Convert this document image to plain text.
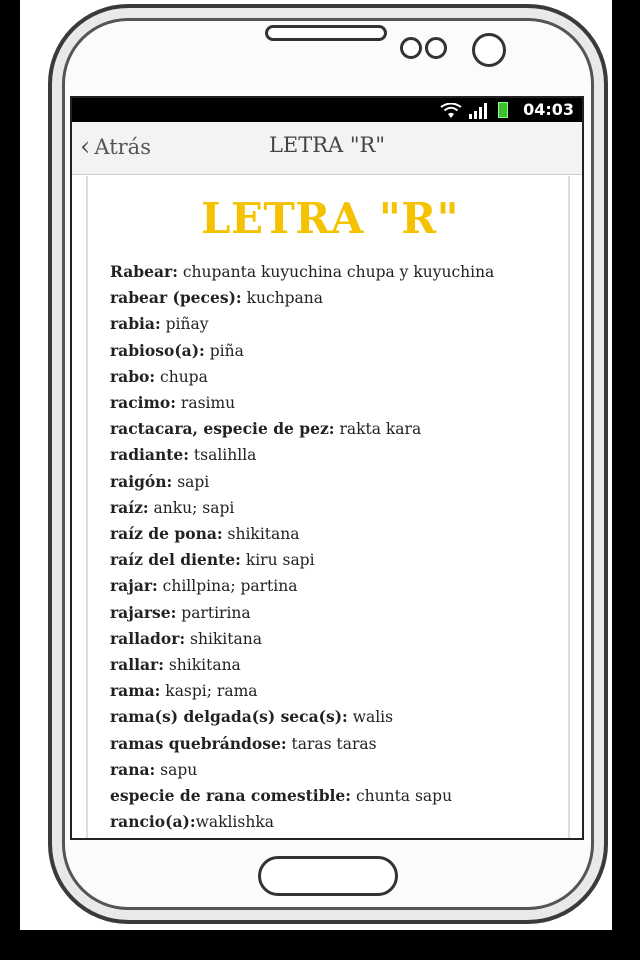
04:03
‹ Atrás	LETRA "R"
LETRA "R"
Rabear: chupanta kuyuchina chupa y kuyuchina
rabear (peces): kuchpana
rabia: piñay
rabioso(a): piña
rabo: chupa
racimo: rasimu
ractacara, especie de pez: rakta kara
radiante: tsalihlla
raigón: sapi
raíz: anku; sapi
raíz de pona: shikitana
raíz del diente: kiru sapi
rajar: chillpina; partina
rajarse: partirina
rallador: shikitana
rallar: shikitana
rama: kaspi; rama
rama(s) delgada(s) seca(s): walis
ramas quebrándose: taras taras
rana: sapu
especie de rana comestible: chunta sapu
rancio(a):waklishka
